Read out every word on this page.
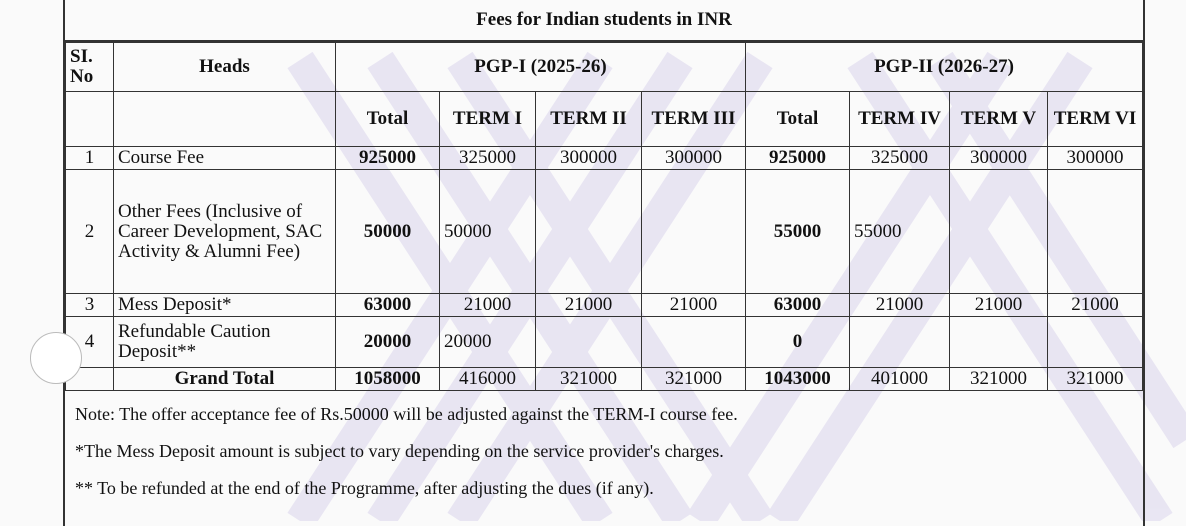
Fees for Indian students in INR
SI. No	Heads	PGP-I (2025-26)				PGP-II (2026-27)			
		Total	TERM I	TERM II	TERM III	Total	TERM IV	TERM V	TERM VI
1	Course Fee	925000	325000	300000	300000	925000	325000	300000	300000
2	Other Fees (Inclusive of Career Development, SAC Activity & Alumni Fee)	50000	50000			55000	55000		
3	Mess Deposit*	63000	21000	21000	21000	63000	21000	21000	21000
4	Refundable Caution Deposit**	20000	20000			0			
	Grand Total	1058000	416000	321000	321000	1043000	401000	321000	321000

Note: The offer acceptance fee of Rs.50000 will be adjusted against the TERM-I course fee.

*The Mess Deposit amount is subject to vary depending on the service provider's charges.

** To be refunded at the end of the Programme, after adjusting the dues (if any).
